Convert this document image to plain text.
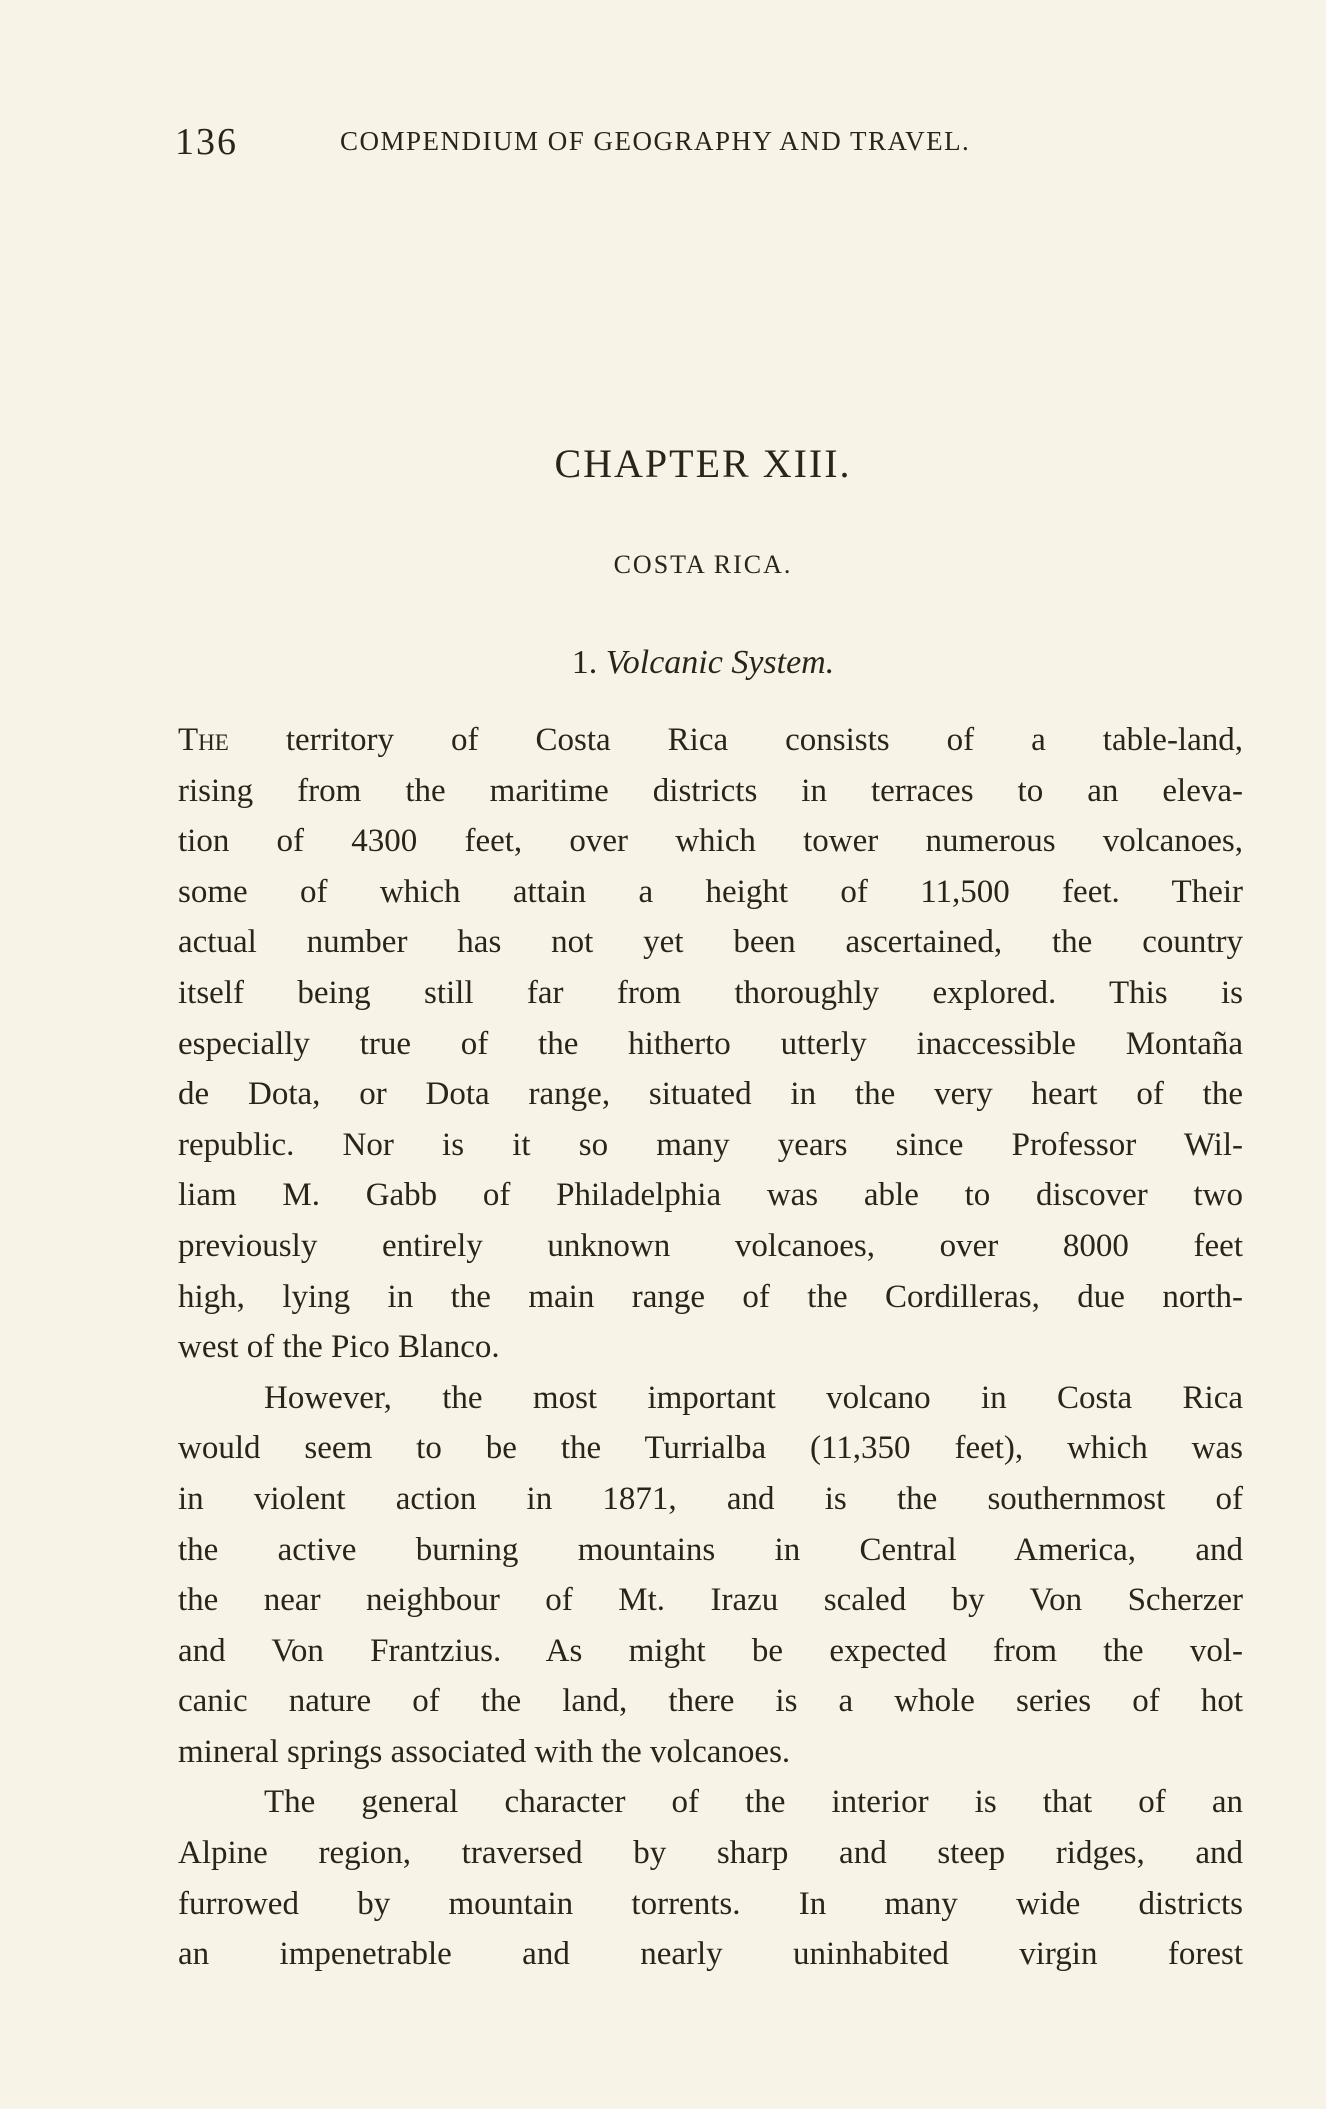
136	COMPENDIUM OF GEOGRAPHY AND TRAVEL.
CHAPTER XIII.
COSTA RICA.
1. Volcanic System.
The territory of Costa Rica consists of a table-land,
rising from the maritime districts in terraces to an eleva-
tion of 4300 feet, over which tower numerous volcanoes,
some of which attain a height of 11,500 feet. Their
actual number has not yet been ascertained, the country
itself being still far from thoroughly explored. This is
especially true of the hitherto utterly inaccessible Montaña
de Dota, or Dota range, situated in the very heart of the
republic. Nor is it so many years since Professor Wil-
liam M. Gabb of Philadelphia was able to discover two
previously entirely unknown volcanoes, over 8000 feet
high, lying in the main range of the Cordilleras, due north-
west of the Pico Blanco.
However, the most important volcano in Costa Rica
would seem to be the Turrialba (11,350 feet), which was
in violent action in 1871, and is the southernmost of
the active burning mountains in Central America, and
the near neighbour of Mt. Irazu scaled by Von Scherzer
and Von Frantzius. As might be expected from the vol-
canic nature of the land, there is a whole series of hot
mineral springs associated with the volcanoes.
The general character of the interior is that of an
Alpine region, traversed by sharp and steep ridges, and
furrowed by mountain torrents. In many wide districts
an impenetrable and nearly uninhabited virgin forest
